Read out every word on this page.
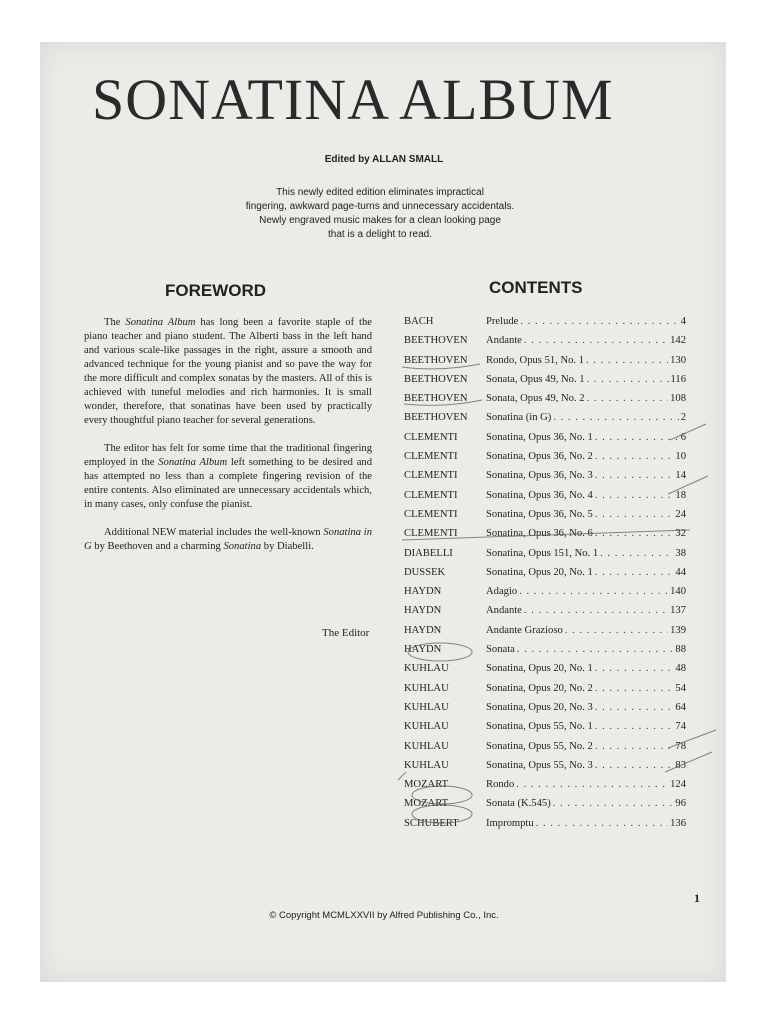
SONATINA ALBUM
Edited by ALLAN SMALL
This newly edited edition eliminates impractical
fingering, awkward page-turns and unnecessary accidentals.
Newly engraved music makes for a clean looking page
that is a delight to read.
FOREWORD	CONTENTS

The Sonatina Album has long been a favorite staple of the piano teacher and piano student. The Alberti bass in the left hand and various scale-like passages in the right, assure a smooth and advanced technique for the young pianist and so pave the way for the more difficult and complex sonatas by the masters. All of this is achieved with tuneful melodies and rich harmonies. It is small wonder, therefore, that sonatinas have been used by practically every thoughtful piano teacher for several generations.

The editor has felt for some time that the traditional fingering employed in the Sonatina Album left something to be desired and has attempted no less than a complete fingering revision of the entire contents. Also eliminated are unnecessary accidentals which, in many cases, only confuse the pianist.

Additional NEW material includes the well-known Sonatina in G by Beethoven and a charming Sonatina by Diabelli.

The Editor
BACH	Prelude . . .	4
BEETHOVEN	Andante . . .	142
BEETHOVEN	Rondo, Opus 51, No. 1 . . .	130
BEETHOVEN	Sonata, Opus 49, No. 1 . . .	116
BEETHOVEN	Sonata, Opus 49, No. 2 . . .	108
BEETHOVEN	Sonatina (in G) . . .	2
CLEMENTI	Sonatina, Opus 36, No. 1 . . .	6
CLEMENTI	Sonatina, Opus 36, No. 2 . . .	10
CLEMENTI	Sonatina, Opus 36, No. 3 . . .	14
CLEMENTI	Sonatina, Opus 36, No. 4 . . .	18
CLEMENTI	Sonatina, Opus 36, No. 5 . . .	24
CLEMENTI	Sonatina, Opus 36, No. 6 . . .	32
DIABELLI	Sonatina, Opus 151, No. 1 . . .	38
DUSSEK	Sonatina, Opus 20, No. 1 . . .	44
HAYDN	Adagio . . .	140
HAYDN	Andante . . .	137
HAYDN	Andante Grazioso . . .	139
HAYDN	Sonata . . .	88
KUHLAU	Sonatina, Opus 20, No. 1 . . .	48
KUHLAU	Sonatina, Opus 20, No. 2 . . .	54
KUHLAU	Sonatina, Opus 20, No. 3 . . .	64
KUHLAU	Sonatina, Opus 55, No. 1 . . .	74
KUHLAU	Sonatina, Opus 55, No. 2 . . .	78
KUHLAU	Sonatina, Opus 55, No. 3 . . .	83
MOZART	Rondo . . .	124
MOZART	Sonata (K.545) . . .	96
SCHUBERT	Impromptu . . .	136
© Copyright MCMLXXVII by Alfred Publishing Co., Inc.
1
